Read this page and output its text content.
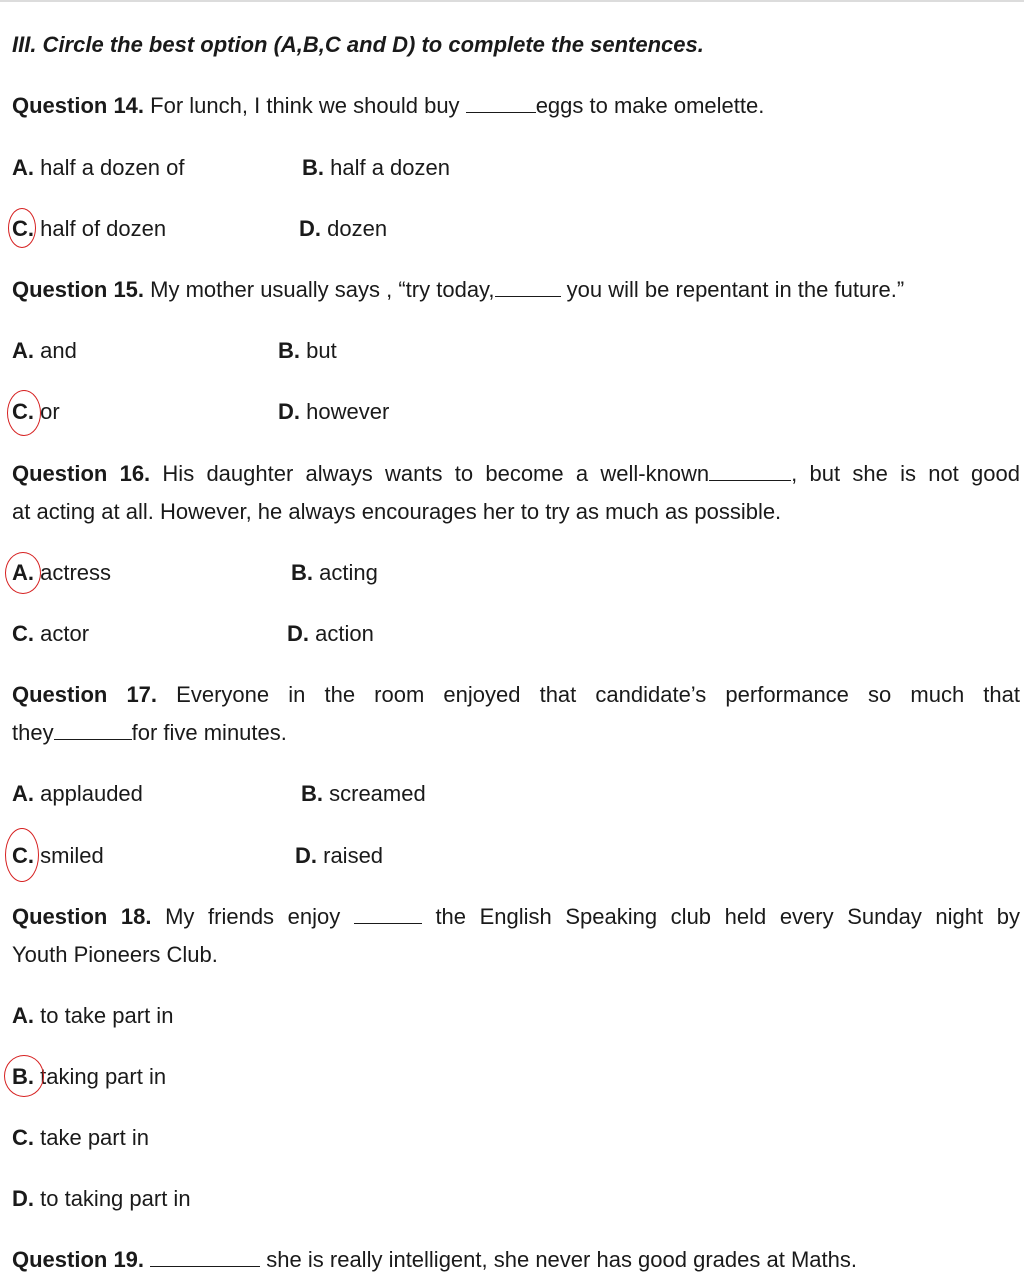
III. Circle the best option (A,B,C and D) to complete the sentences.
Question 14. For lunch, I think we should buy	eggs to make omelette.
A. half a dozen of	B. half a dozen
C. half of dozen	D. dozen
Question 15. My mother usually says , “try today,	you will be repentant in the future.”
A. and	B. but
C. or	D. however
Question 16. His daughter always wants to become a well-known	, but she is not good
at acting at all. However, he always encourages her to try as much as possible.
A. actress	B. acting
C. actor	D. action
Question 17. Everyone in the room enjoyed that candidate’s performance so much that
they	for five minutes.
A. applauded	B. screamed
C. smiled	D. raised
Question 18. My friends enjoy	the English Speaking club held every Sunday night by
Youth Pioneers Club.
A. to take part in
B. taking part in
C. take part in
D. to taking part in
Question 19.	she is really intelligent, she never has good grades at Maths.
